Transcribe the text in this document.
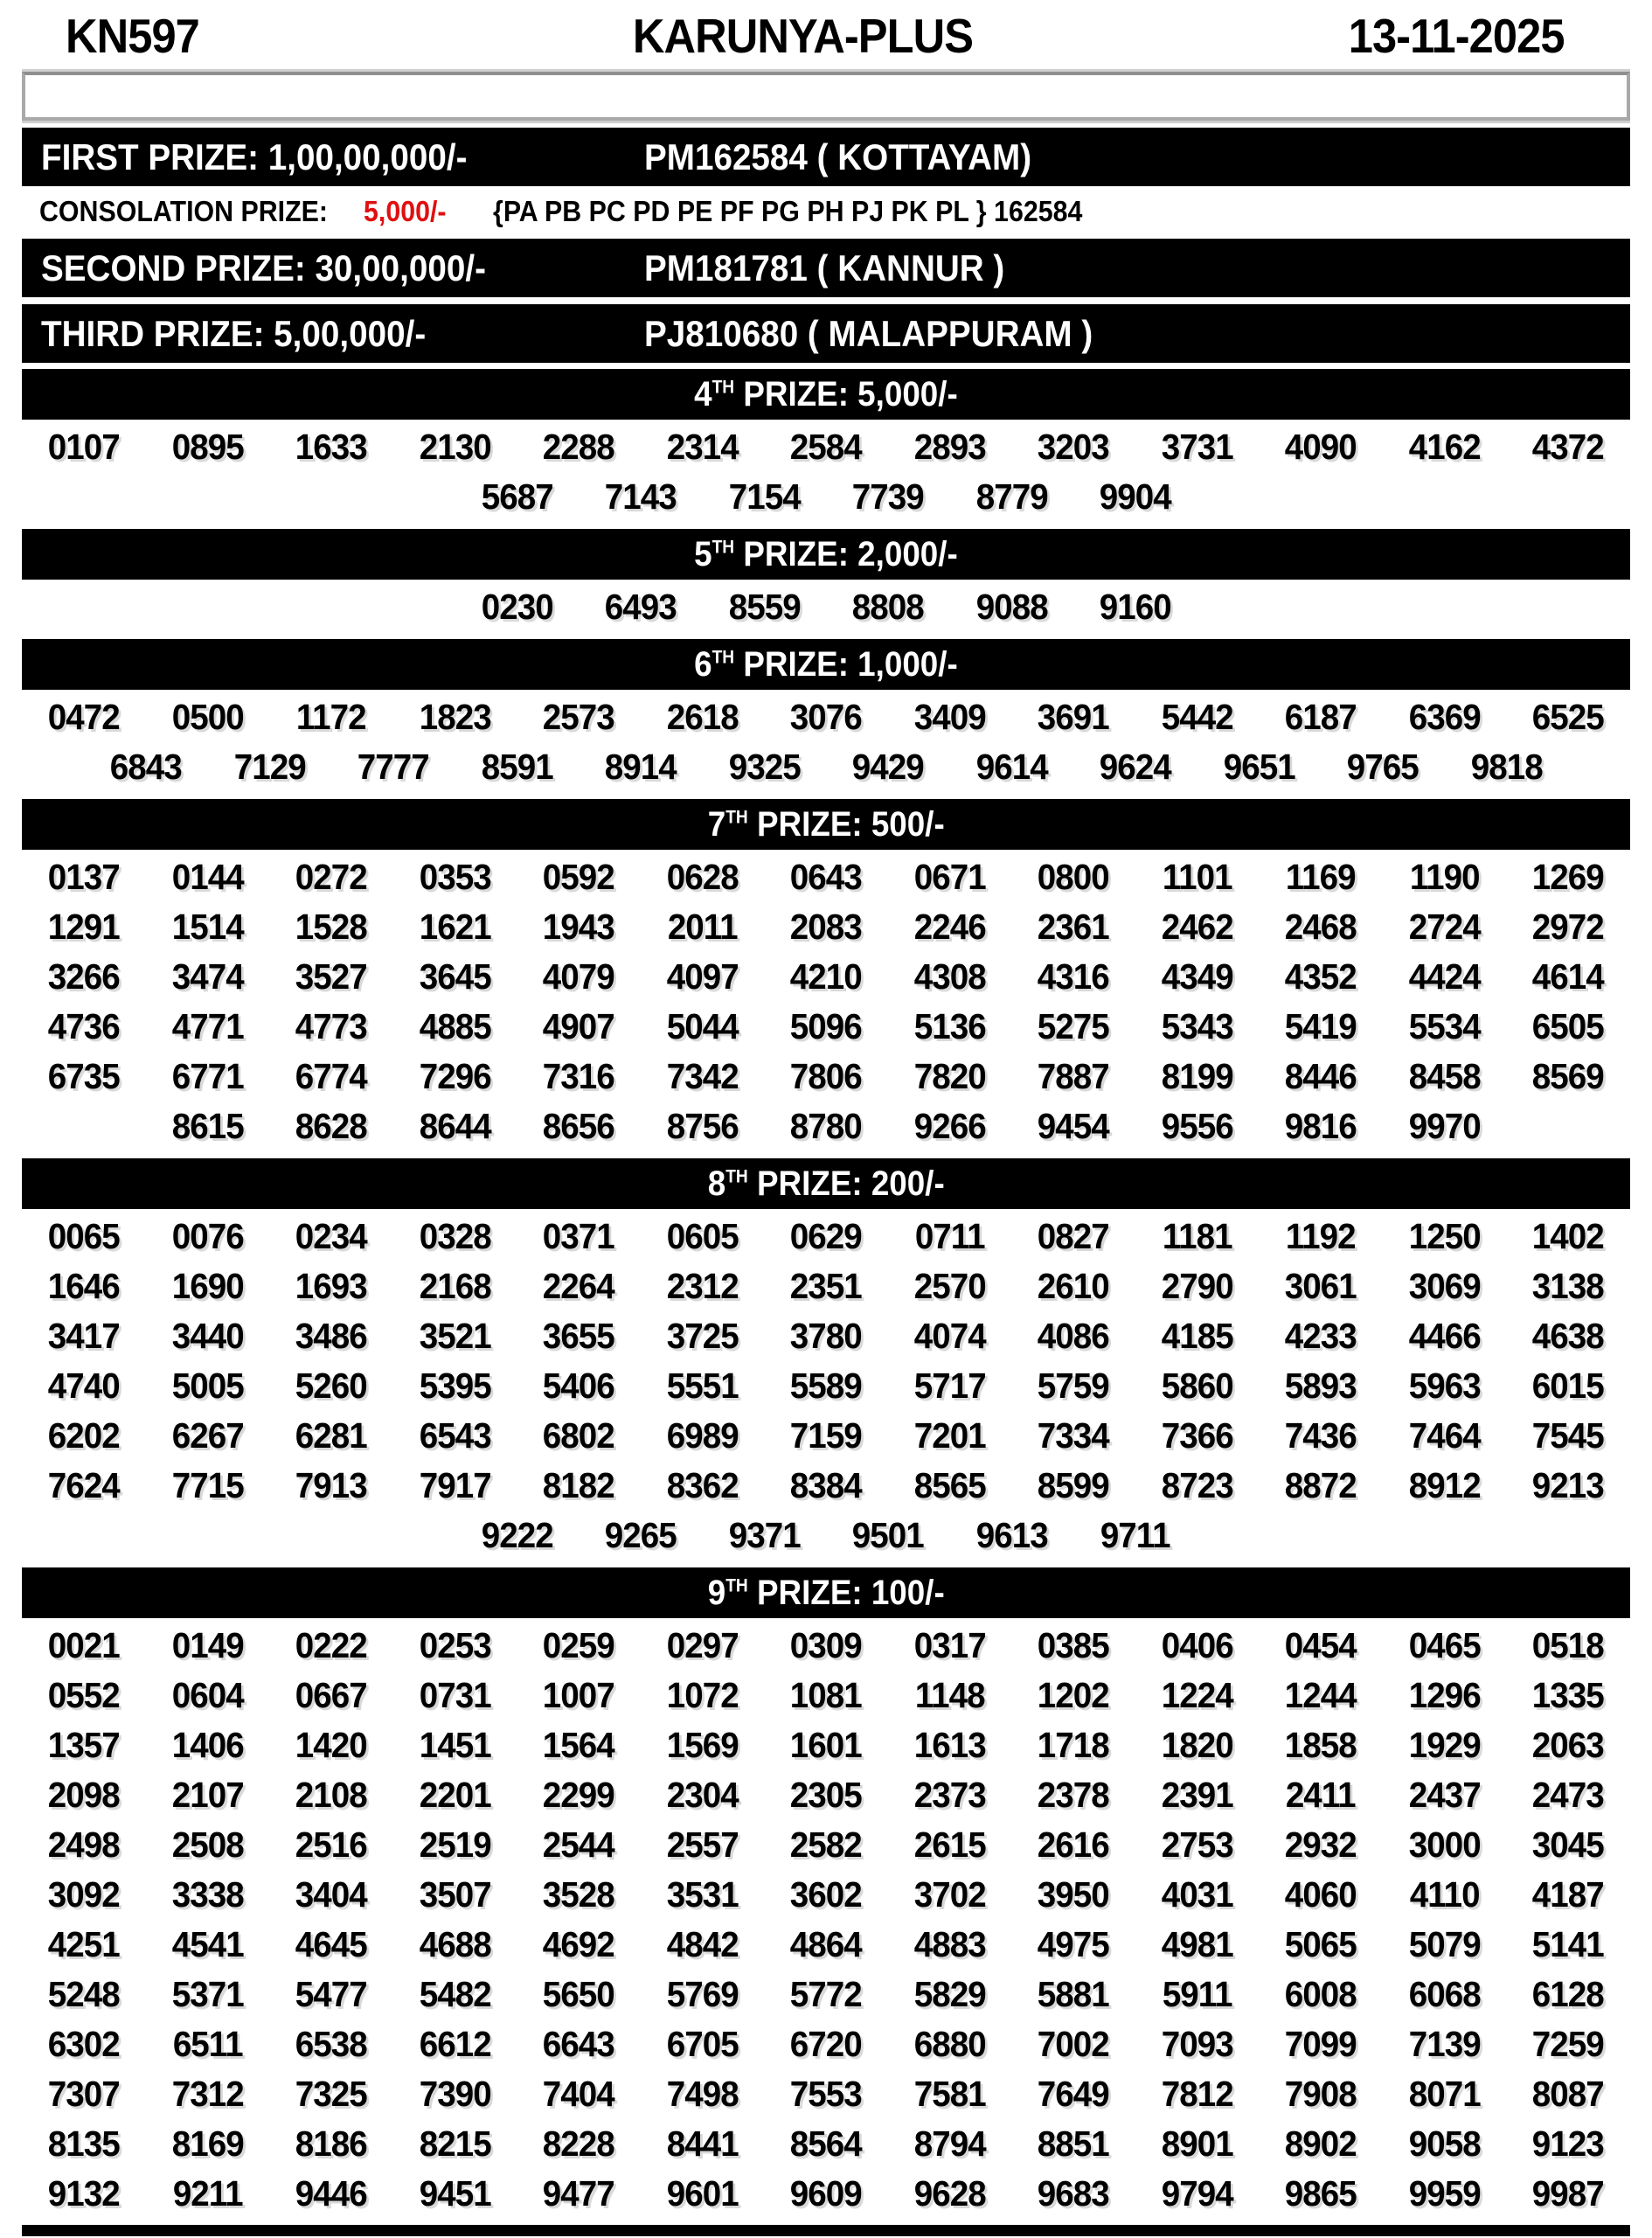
KN597	KARUNYA-PLUS	13-11-2025
FIRST PRIZE: 1,00,00,000/-	PM162584 ( KOTTAYAM)
CONSOLATION PRIZE: 5,000/- {PA PB PC PD PE PF PG PH PJ PK PL } 162584
SECOND PRIZE: 30,00,000/-	PM181781 ( KANNUR )
THIRD PRIZE: 5,00,000/-	PJ810680 ( MALAPPURAM )
4TH PRIZE: 5,000/-
0107	0895	1633	2130	2288	2314	2584	2893	3203	3731	4090	4162	4372
5687	7143	7154	7739	8779	9904
5TH PRIZE: 2,000/-
0230	6493	8559	8808	9088	9160
6TH PRIZE: 1,000/-
0472	0500	1172	1823	2573	2618	3076	3409	3691	5442	6187	6369	6525
6843	7129	7777	8591	8914	9325	9429	9614	9624	9651	9765	9818
7TH PRIZE: 500/-
0137	0144	0272	0353	0592	0628	0643	0671	0800	1101	1169	1190	1269
1291	1514	1528	1621	1943	2011	2083	2246	2361	2462	2468	2724	2972
3266	3474	3527	3645	4079	4097	4210	4308	4316	4349	4352	4424	4614
4736	4771	4773	4885	4907	5044	5096	5136	5275	5343	5419	5534	6505
6735	6771	6774	7296	7316	7342	7806	7820	7887	8199	8446	8458	8569
8615	8628	8644	8656	8756	8780	9266	9454	9556	9816	9970
8TH PRIZE: 200/-
0065	0076	0234	0328	0371	0605	0629	0711	0827	1181	1192	1250	1402
1646	1690	1693	2168	2264	2312	2351	2570	2610	2790	3061	3069	3138
3417	3440	3486	3521	3655	3725	3780	4074	4086	4185	4233	4466	4638
4740	5005	5260	5395	5406	5551	5589	5717	5759	5860	5893	5963	6015
6202	6267	6281	6543	6802	6989	7159	7201	7334	7366	7436	7464	7545
7624	7715	7913	7917	8182	8362	8384	8565	8599	8723	8872	8912	9213
9222	9265	9371	9501	9613	9711
9TH PRIZE: 100/-
0021	0149	0222	0253	0259	0297	0309	0317	0385	0406	0454	0465	0518
0552	0604	0667	0731	1007	1072	1081	1148	1202	1224	1244	1296	1335
1357	1406	1420	1451	1564	1569	1601	1613	1718	1820	1858	1929	2063
2098	2107	2108	2201	2299	2304	2305	2373	2378	2391	2411	2437	2473
2498	2508	2516	2519	2544	2557	2582	2615	2616	2753	2932	3000	3045
3092	3338	3404	3507	3528	3531	3602	3702	3950	4031	4060	4110	4187
4251	4541	4645	4688	4692	4842	4864	4883	4975	4981	5065	5079	5141
5248	5371	5477	5482	5650	5769	5772	5829	5881	5911	6008	6068	6128
6302	6511	6538	6612	6643	6705	6720	6880	7002	7093	7099	7139	7259
7307	7312	7325	7390	7404	7498	7553	7581	7649	7812	7908	8071	8087
8135	8169	8186	8215	8228	8441	8564	8794	8851	8901	8902	9058	9123
9132	9211	9446	9451	9477	9601	9609	9628	9683	9794	9865	9959	9987
